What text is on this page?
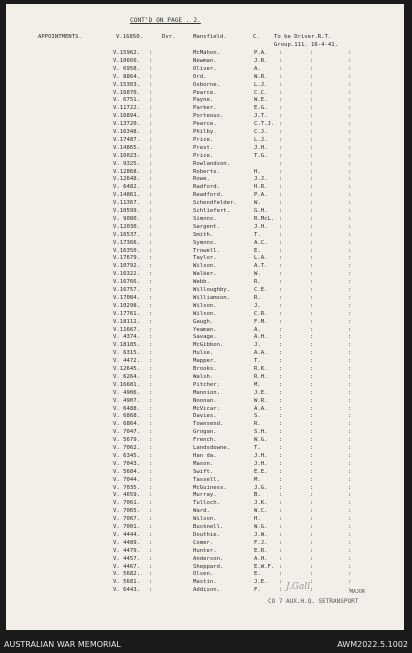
CONT'D ON PAGE . 2.
APPOINTMENTS.	V.16850.	Dvr.	Mansfield.	C.	To be Driver.R.T.
Group.111. 16-4-41.
V.15962. :	McMahon.	P.A. :	:	:
V.10660. :	Newman.	J.R. :	:	:
V. 6958. :	Oliver.	A.	:	:	:
V. 8864. :	Ord.	W.R. :	:	:
V.15303. :	Osborne.	L.J. :	:	:
V.16870. :	Pearce.	C.C. :	:	:
V. 6751. :	Payne.	W.E. :	:	:
V.11722. :	Parker.	E.G. :	:	:
V.16894. :	Porteous.	J.T. :	:	:
V.13720. :	Pearce.	C.T.J. :	:	:
V.16348. :	Philby.	C.J. :	:	:
V.17487. :	Price.	L.J. :	:	:
V.14865. :	Prest.	J.H. :	:	:
V.16023. :	Price.	T.G. :	:	:
V. 9325. :	Rowlandson.	:	:	:
V.12868. :	Roberts.	H.	:	:	:
V.12648. :	Rowe.	J.J. :	:	:
V. 6482. :	Radford.	H.R. :	:	:
V.14861. :	Readford.	P.A. :	:	:
V.11367. :	Schendfelder.	W.	:	:	:
V.10599. :	Schliefert.	G.H. :	:	:
V. 9080. :	Simons.	R.McL. :	:	:
V.12030. :	Sargent.	J.H. :	:	:
V.16537. :	Smith.	T.	:	:	:
V.17366. :	Symons.	A.C. :	:	:
V.16350. :	Trowell.	E.	:	:	:
V.17679. :	Taylor.	L.A. :	:	:
V.10792. :	Wilson.	A.T. :	:	:
V.16322. :	Walker.	W.	:	:	:
V.16766. :	Webb.	R.	:	:	:
V.16757. :	Willoughby.	C.E. :	:	:
V.17084. :	Williamson.	R.	:	:	:
V.10298. :	Wilson.	J.	:	:	:
V.17761. :	Wilson.	C.R. :	:	:
V.18112. :	Gaugh.	F.M. :	:	:
V.11667. :	Yeaman.	A.	:	:	:
V. 4374. :	Savage.	A.H. :	:	:
V.18185. :	McGibbon.	J.	:	:	:
V. 6315. :	Hulse.	A.A. :	:	:
V. 4472. :	Mapper.	T.	:	:	:
V.12645. :	Brooks.	R.K. :	:	:
V. 6264. :	Walsh.	R.H. :	:	:
V.16681. :	Pitcher.	M.	:	:	:
V. 4906. :	Mannion.	J.E. :	:	:
V. 4907. :	Noonan.	W.R. :	:	:
V. 6488. :	McVicar.	A.A. :	:	:
V. 6868. :	Davies.	S.	:	:	:
V. 6864. :	Townsend.	R.	:	:	:
V. 7047. :	Grogan.	S.H. :	:	:
V. 5679. :	French.	W.G. :	:	:
V. 7062. :	Landsdowne.	T.	:	:	:
V. 6345. :	Han da.	J.H. :	:	:
V. 7043. :	Mason.	J.H. :	:	:
V. 5684. :	Swift.	E.E. :	:	:
V. 7044. :	Tassell.	M.	:	:	:
V. 7035. :	McGuiness.	J.G. :	:	:
V. 4659. :	Murray.	B.	:	:	:
V. 7061. :	Tulloch.	J.K. :	:	:
V. 7065. :	Ward.	W.C. :	:	:
V. 7067. :	Wilson.	H.	:	:	:
V. 7001. :	Bucknell.	W.G. :	:	:
V. 4444. :	Douthie.	J.W. :	:	:
V. 4489. :	Comer.	F.J. :	:	:
V. 4479. :	Hunter.	E.R. :	:	:
V. 4457. :	Anderson.	A.H. :	:	:
V. 4467. :	Sheppard.	E.W.F. :	:	:
V. 5682. :	Olsen.	E.	:	:	:
V. 5681. :	Mastin.	J.E. :	:	:
V. 6443. :	Addison.	F.	:	:	:
J.Gall	MAJOR
CO 7 AUX.H.Q. SETRANSPORT
AUSTRALIAN WAR MEMORIAL	AWM2022.5.1002
